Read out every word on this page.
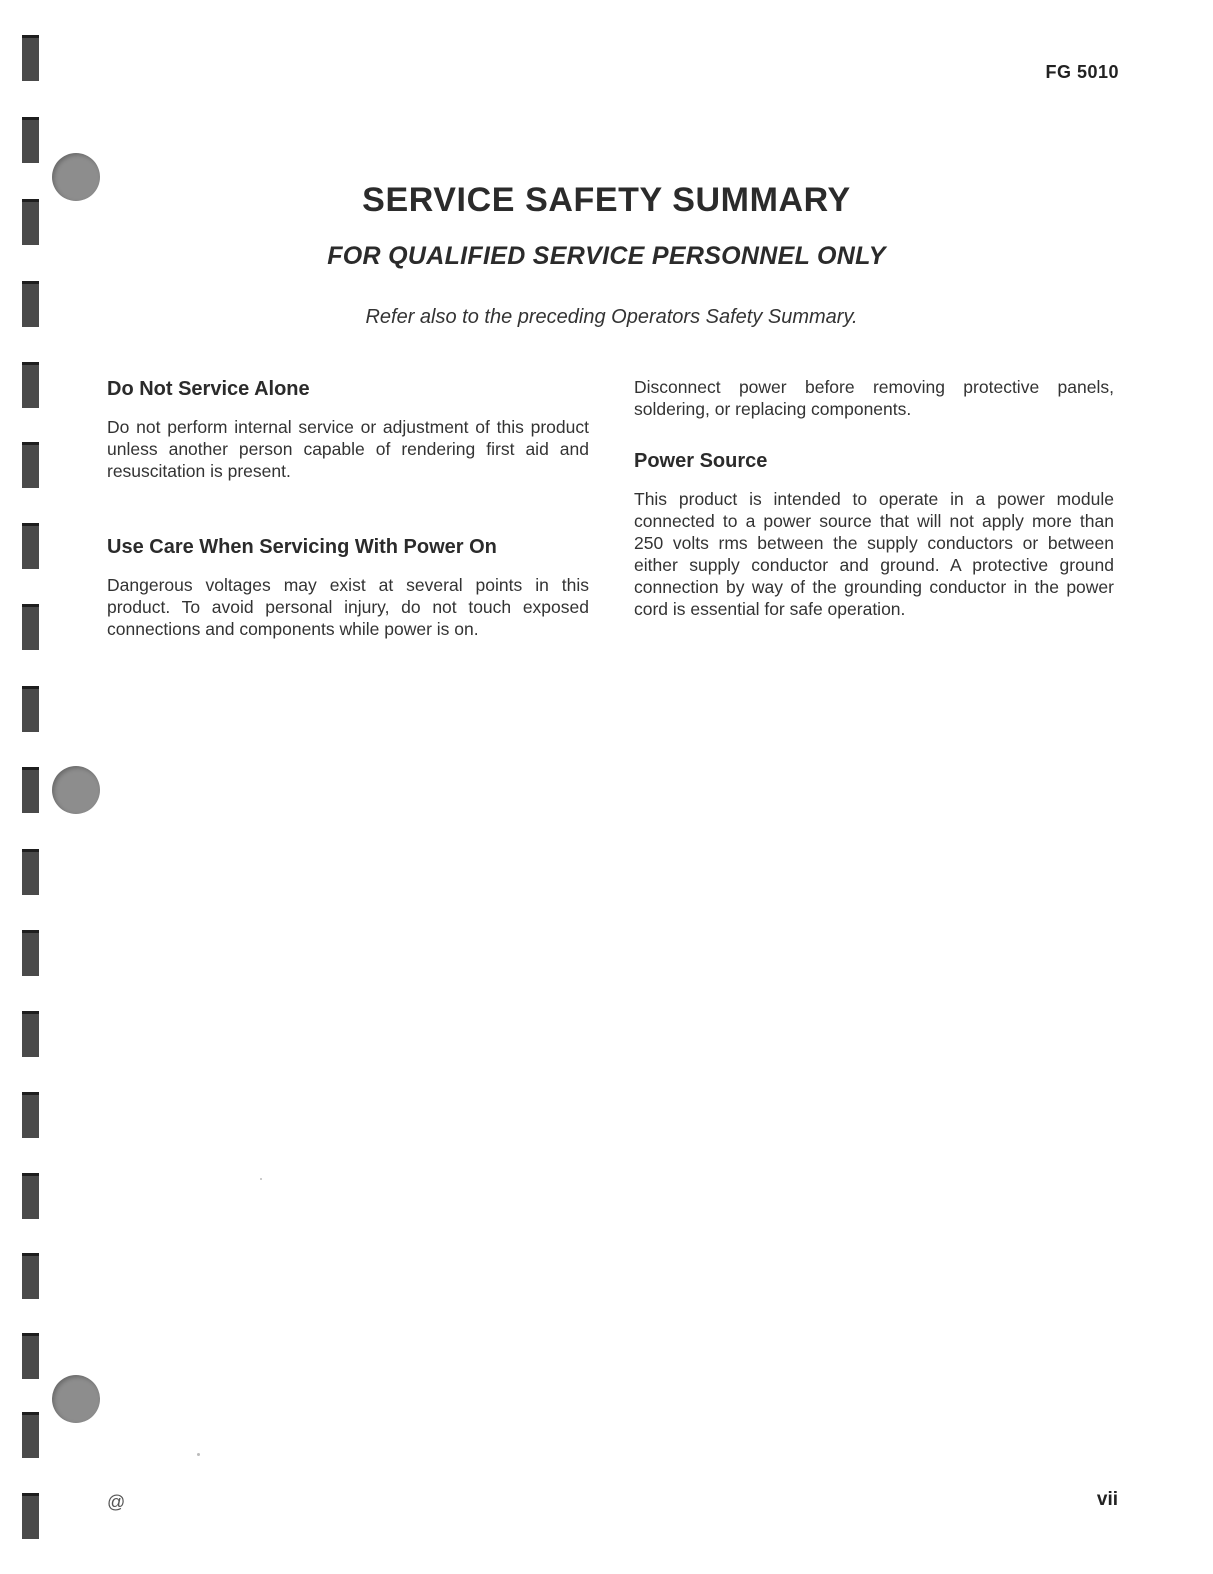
FG 5010
SERVICE SAFETY SUMMARY
FOR QUALIFIED SERVICE PERSONNEL ONLY
Refer also to the preceding Operators Safety Summary.
Do Not Service Alone

Do not perform internal service or adjustment of this product unless another person capable of rendering first aid and resuscitation is present.

Use Care When Servicing With Power On

Dangerous voltages may exist at several points in this product. To avoid personal injury, do not touch exposed connections and components while power is on.

Disconnect power before removing protective panels, soldering, or replacing components.

Power Source

This product is intended to operate in a power module connected to a power source that will not apply more than 250 volts rms between the supply conductors or between either supply conductor and ground. A protective ground connection by way of the grounding conductor in the power cord is essential for safe operation.

@	vii
